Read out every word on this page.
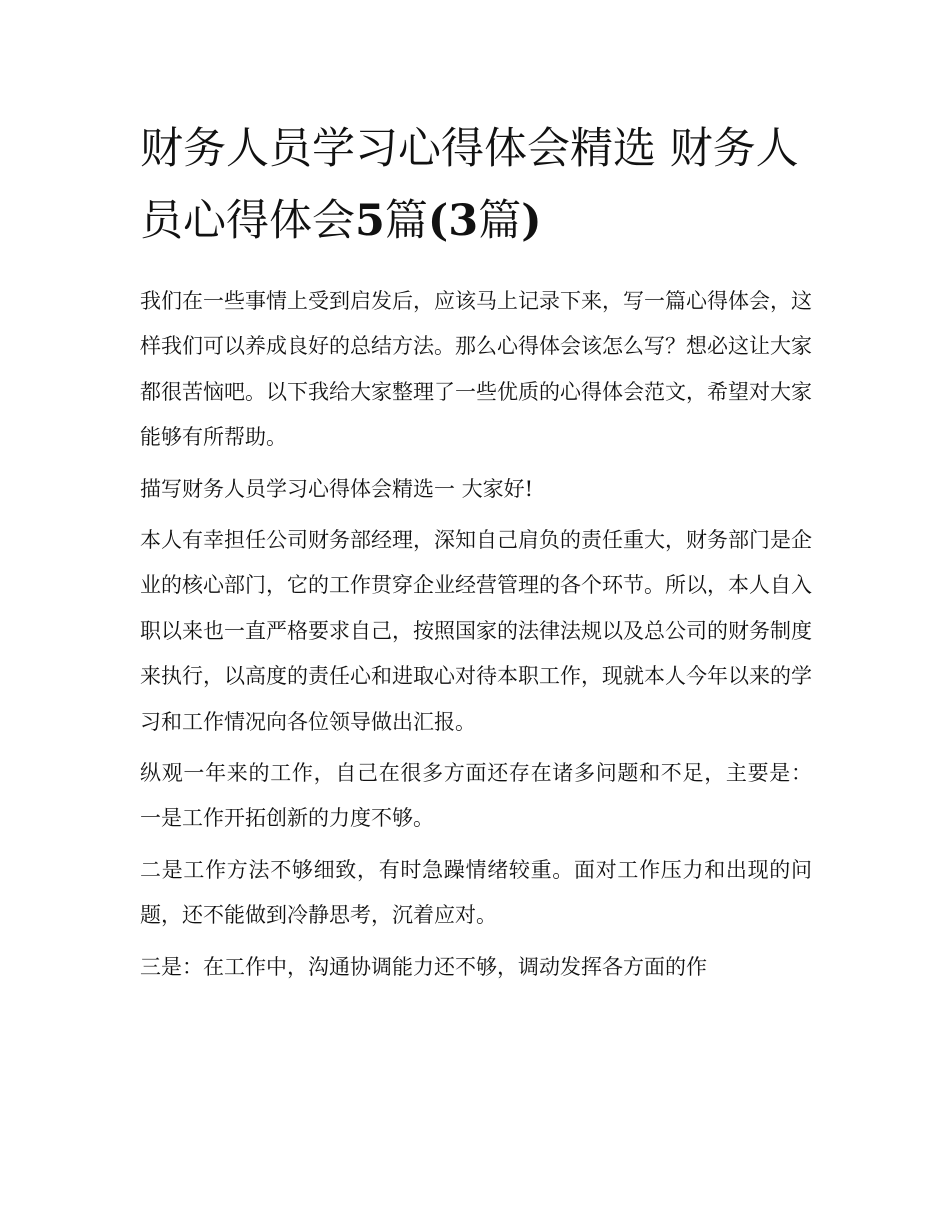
财务人员学习心得体会精选 财务人员心得体会5篇(3篇)

我们在一些事情上受到启发后，应该马上记录下来，写一篇心得体会，这样我们可以养成良好的总结方法。那么心得体会该怎么写？想必这让大家都很苦恼吧。以下我给大家整理了一些优质的心得体会范文，希望对大家能够有所帮助。

描写财务人员学习心得体会精选一 大家好!

本人有幸担任公司财务部经理，深知自己肩负的责任重大，财务部门是企业的核心部门，它的工作贯穿企业经营管理的各个环节。所以，本人自入职以来也一直严格要求自己，按照国家的法律法规以及总公司的财务制度来执行，以高度的责任心和进取心对待本职工作，现就本人今年以来的学习和工作情况向各位领导做出汇报。

纵观一年来的工作，自己在很多方面还存在诸多问题和不足，主要是： 一是工作开拓创新的力度不够。

二是工作方法不够细致，有时急躁情绪较重。面对工作压力和出现的问题，还不能做到冷静思考，沉着应对。

三是：在工作中，沟通协调能力还不够，调动发挥各方面的作
